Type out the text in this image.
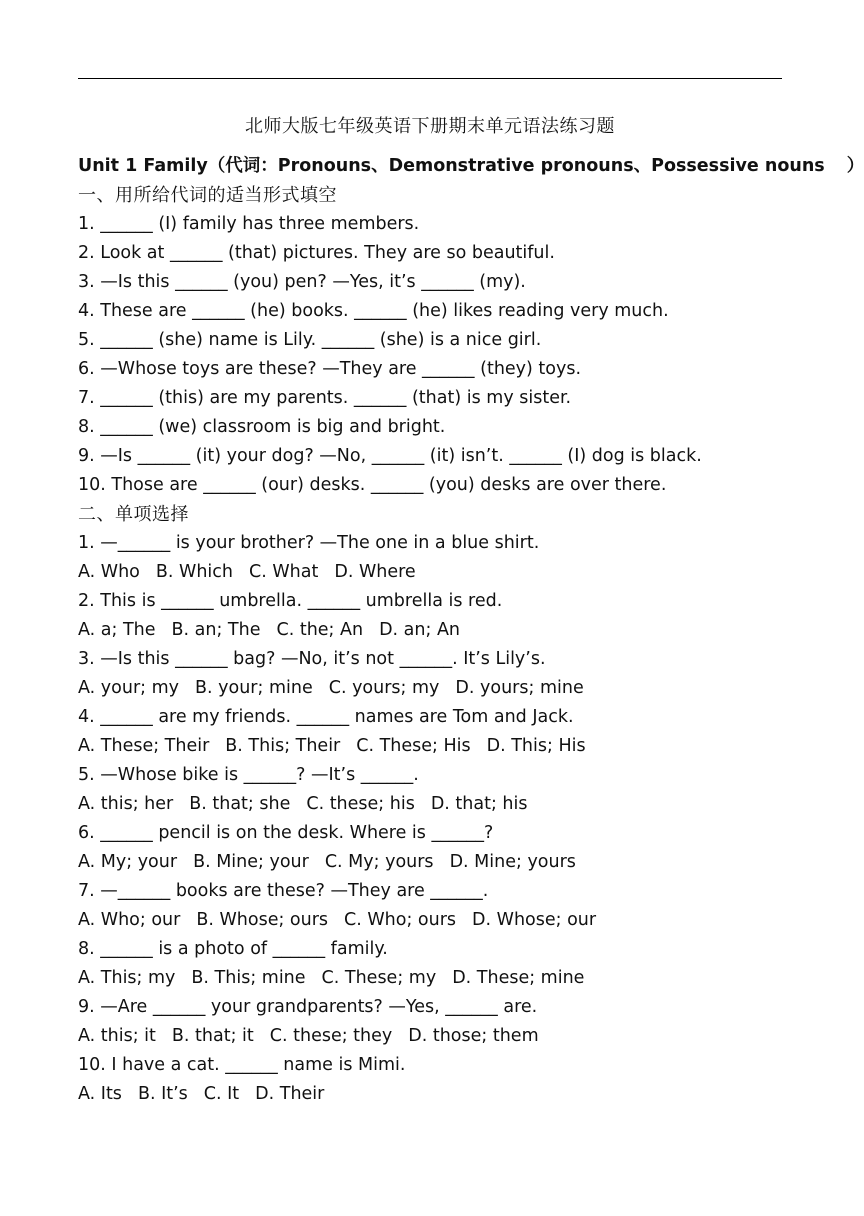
北师大版七年级英语下册期末单元语法练习题
Unit 1 Family（代词：Pronouns、Demonstrative pronouns、Possessive nouns ）
一、用所给代词的适当形式填空
1. ______ (I) family has three members.
2. Look at ______ (that) pictures. They are so beautiful.
3. —Is this ______ (you) pen? —Yes, it’s ______ (my).
4. These are ______ (he) books. ______ (he) likes reading very much.
5. ______ (she) name is Lily. ______ (she) is a nice girl.
6. —Whose toys are these? —They are ______ (they) toys.
7. ______ (this) are my parents. ______ (that) is my sister.
8. ______ (we) classroom is big and bright.
9. —Is ______ (it) your dog? —No, ______ (it) isn’t. ______ (I) dog is black.
10. Those are ______ (our) desks. ______ (you) desks are over there.
二、单项选择
1. —______ is your brother? —The one in a blue shirt.
A. Who B. Which C. What D. Where
2. This is ______ umbrella. ______ umbrella is red.
A. a; The B. an; The C. the; An D. an; An
3. —Is this ______ bag? —No, it’s not ______. It’s Lily’s.
A. your; my B. your; mine C. yours; my D. yours; mine
4. ______ are my friends. ______ names are Tom and Jack.
A. These; Their B. This; Their C. These; His D. This; His
5. —Whose bike is ______? —It’s ______.
A. this; her B. that; she C. these; his D. that; his
6. ______ pencil is on the desk. Where is ______?
A. My; your B. Mine; your C. My; yours D. Mine; yours
7. —______ books are these? —They are ______.
A. Who; our B. Whose; ours C. Who; ours D. Whose; our
8. ______ is a photo of ______ family.
A. This; my B. This; mine C. These; my D. These; mine
9. —Are ______ your grandparents? —Yes, ______ are.
A. this; it B. that; it C. these; they D. those; them
10. I have a cat. ______ name is Mimi.
A. Its B. It’s C. It D. Their
